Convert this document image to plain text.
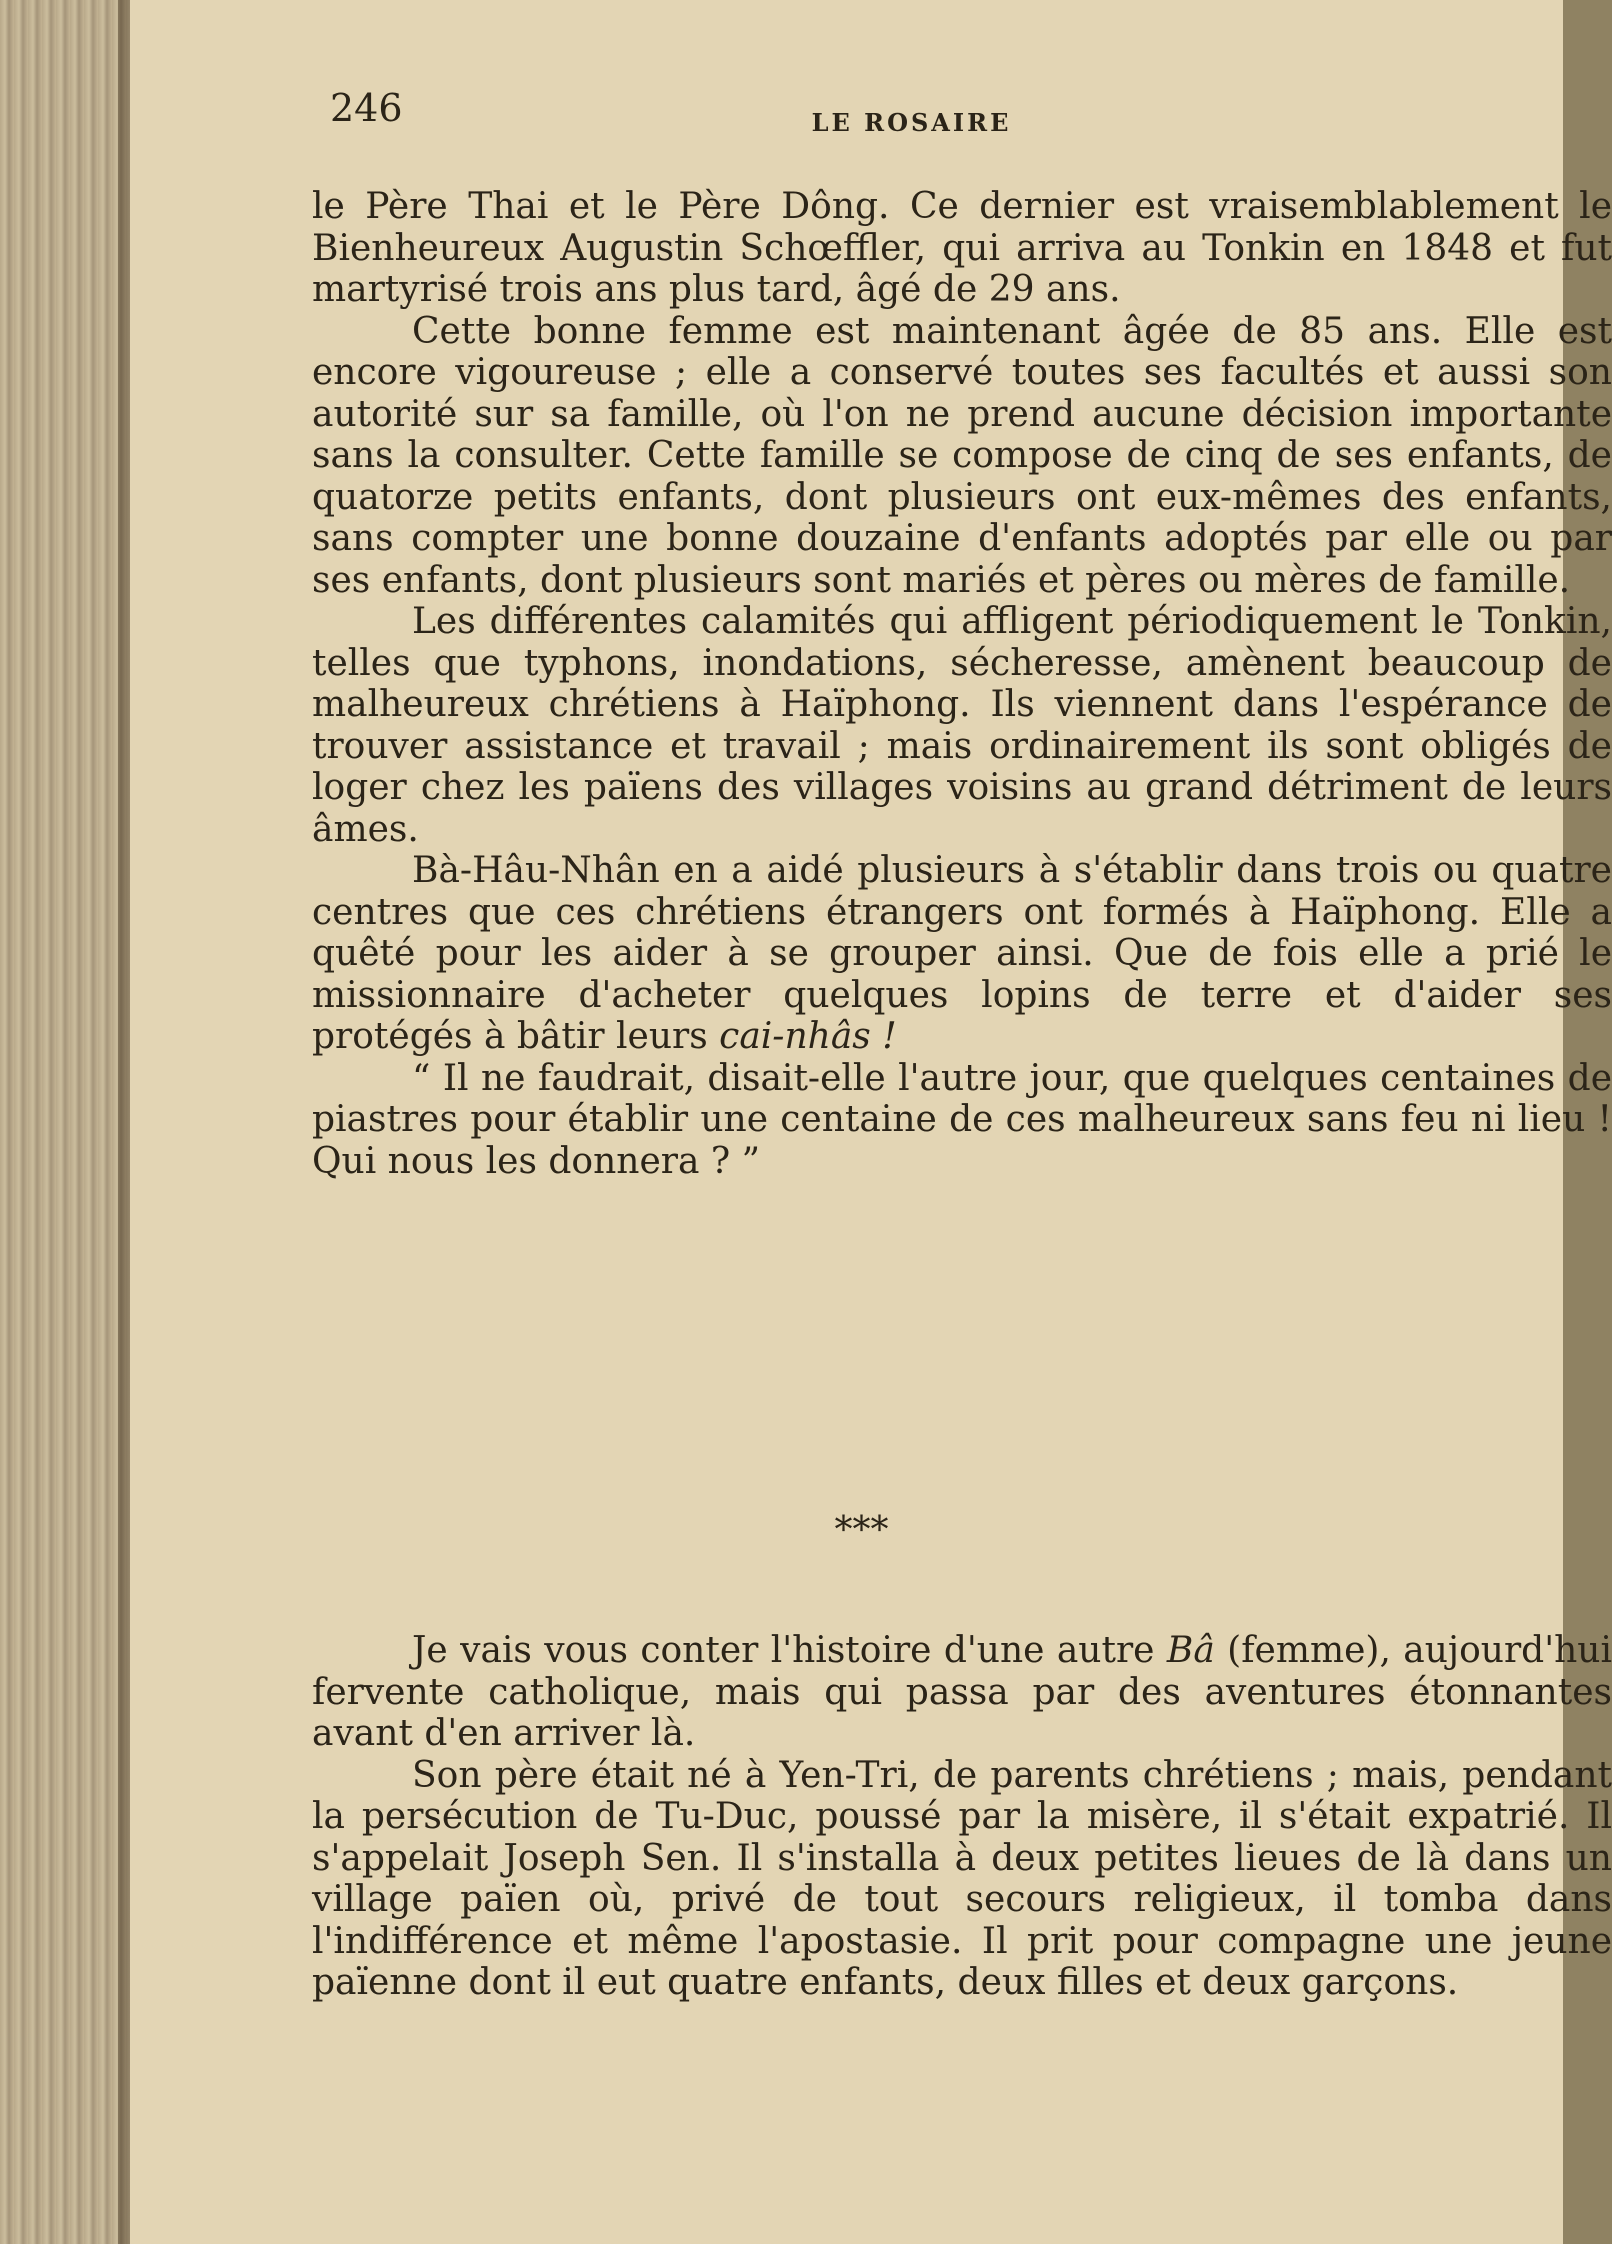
246	LE ROSAIRE

le Père Thai et le Père Dông. Ce dernier est vraisemblablement le Bienheureux Augustin Schœffler, qui arriva au Tonkin en 1848 et fut martyrisé trois ans plus tard, âgé de 29 ans.

Cette bonne femme est maintenant âgée de 85 ans. Elle est encore vigoureuse ; elle a conservé toutes ses facultés et aussi son autorité sur sa famille, où l'on ne prend aucune décision importante sans la consulter. Cette famille se compose de cinq de ses enfants, de quatorze petits enfants, dont plusieurs ont eux-mêmes des enfants, sans compter une bonne douzaine d'enfants adoptés par elle ou par ses enfants, dont plusieurs sont mariés et pères ou mères de famille.

Les différentes calamités qui affligent périodiquement le Tonkin, telles que typhons, inondations, sécheresse, amènent beaucoup de malheureux chrétiens à Haïphong. Ils viennent dans l'espérance de trouver assistance et travail ; mais ordinairement ils sont obligés de loger chez les païens des villages voisins au grand détriment de leurs âmes.

Bà-Hâu-Nhân en a aidé plusieurs à s'établir dans trois ou quatre centres que ces chrétiens étrangers ont formés à Haïphong. Elle a quêté pour les aider à se grouper ainsi. Que de fois elle a prié le missionnaire d'acheter quelques lopins de terre et d'aider ses protégés à bâtir leurs cai-nhâs !

“ Il ne faudrait, disait-elle l'autre jour, que quelques centaines de piastres pour établir une centaine de ces malheureux sans feu ni lieu ! Qui nous les donnera ? ”

***

Je vais vous conter l'histoire d'une autre Bâ (femme), aujourd'hui fervente catholique, mais qui passa par des aventures étonnantes avant d'en arriver là.

Son père était né à Yen-Tri, de parents chrétiens ; mais, pendant la persécution de Tu-Duc, poussé par la misère, il s'était expatrié. Il s'appelait Joseph Sen. Il s'installa à deux petites lieues de là dans un village païen où, privé de tout secours religieux, il tomba dans l'indifférence et même l'apostasie. Il prit pour compagne une jeune païenne dont il eut quatre enfants, deux filles et deux garçons.
